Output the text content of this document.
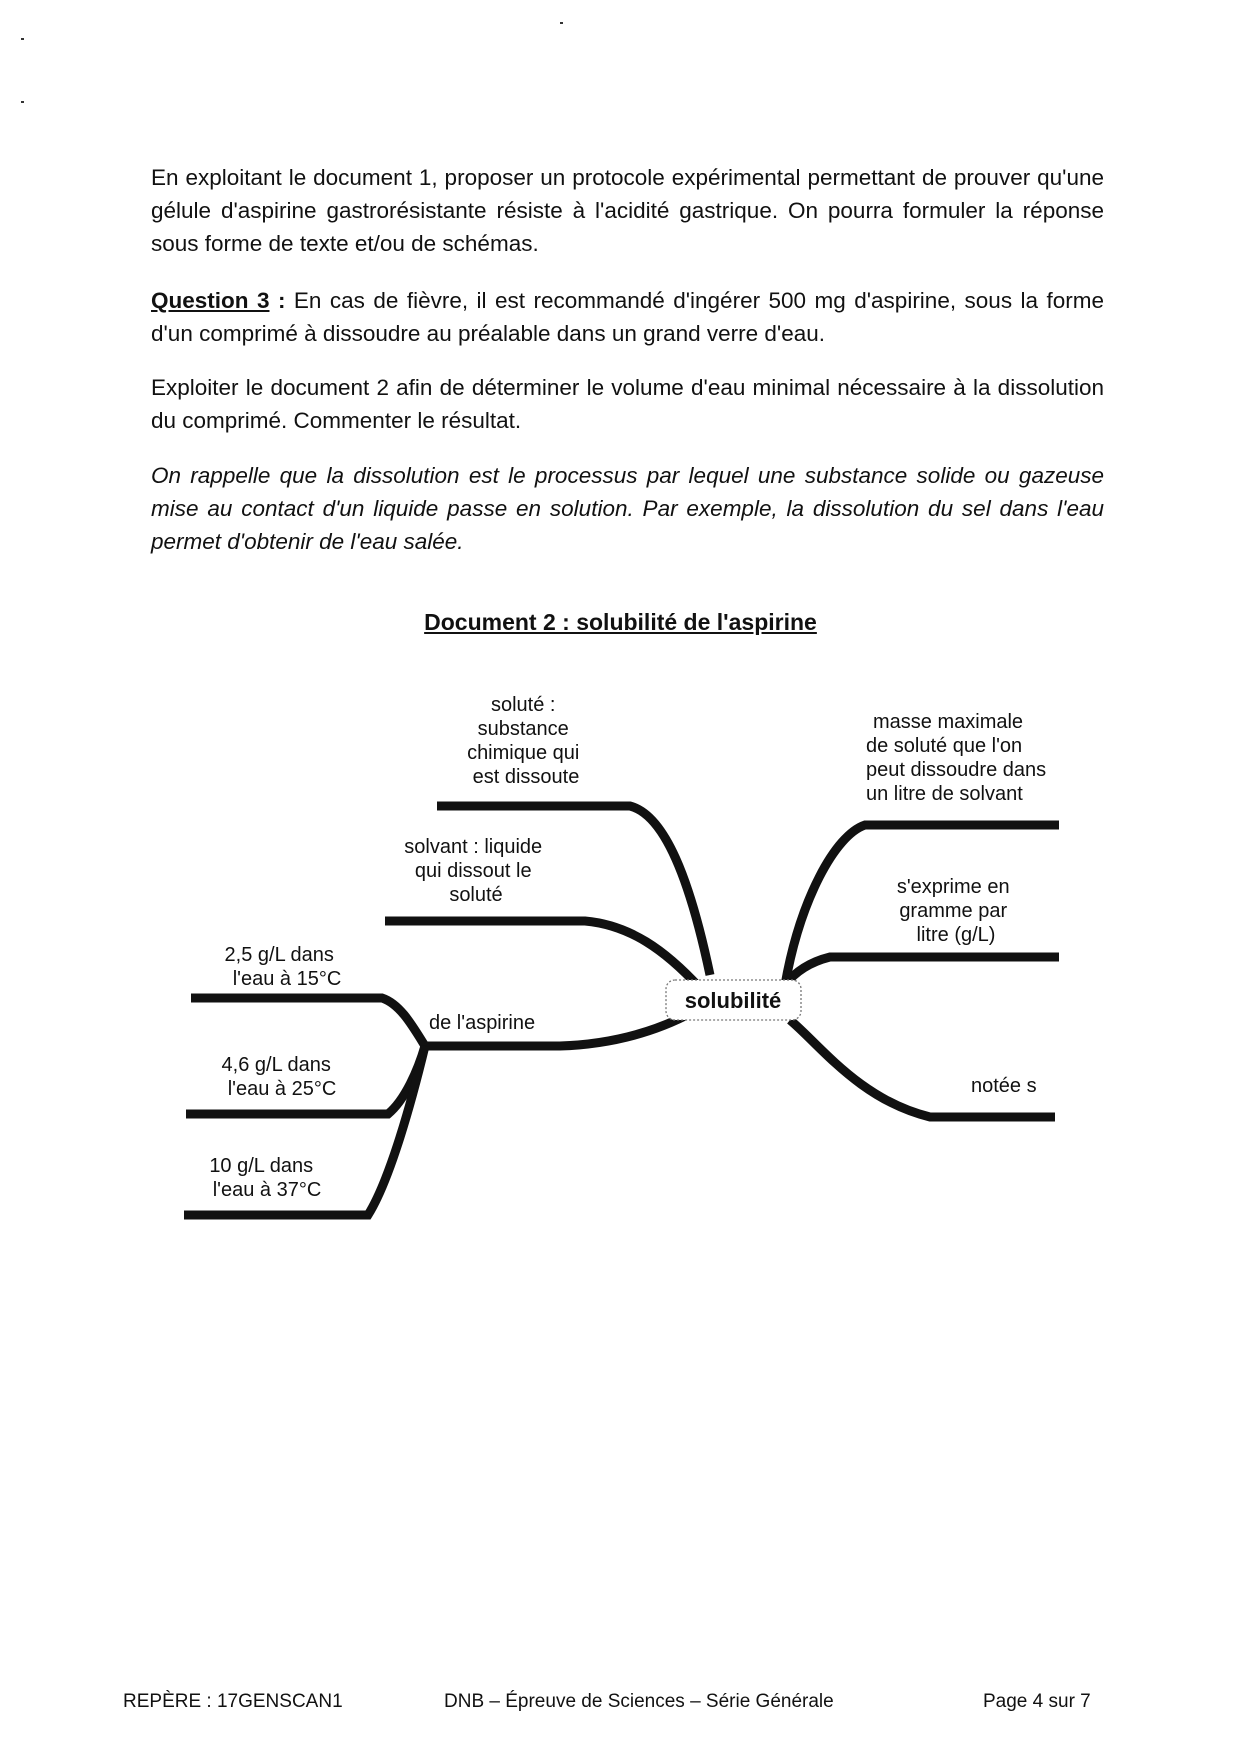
En exploitant le document 1, proposer un protocole expérimental permettant de prouver qu'une gélule d'aspirine gastrorésistante résiste à l'acidité gastrique. On pourra formuler la réponse sous forme de texte et/ou de schémas.

Question 3 : En cas de fièvre, il est recommandé d'ingérer 500 mg d'aspirine, sous la forme d'un comprimé à dissoudre au préalable dans un grand verre d'eau.

Exploiter le document 2 afin de déterminer le volume d'eau minimal nécessaire à la dissolution du comprimé. Commenter le résultat.

On rappelle que la dissolution est le processus par lequel une substance solide ou gazeuse mise au contact d'un liquide passe en solution. Par exemple, la dissolution du sel dans l'eau permet d'obtenir de l'eau salée.

Document 2 : solubilité de l'aspirine
solubilité
soluté : substance chimique qui est dissoute
solvant : liquide qui dissout le soluté
de l'aspirine
2,5 g/L dans l'eau à 15°C
4,6 g/L dans l'eau à 25°C
10 g/L dans l'eau à 37°C
masse maximale de soluté que l'on peut dissoudre dans un litre de solvant
s'exprime en gramme par litre (g/L)
notée s
REPÈRE : 17GENSCAN1	DNB – Épreuve de Sciences – Série Générale	Page 4 sur 7
